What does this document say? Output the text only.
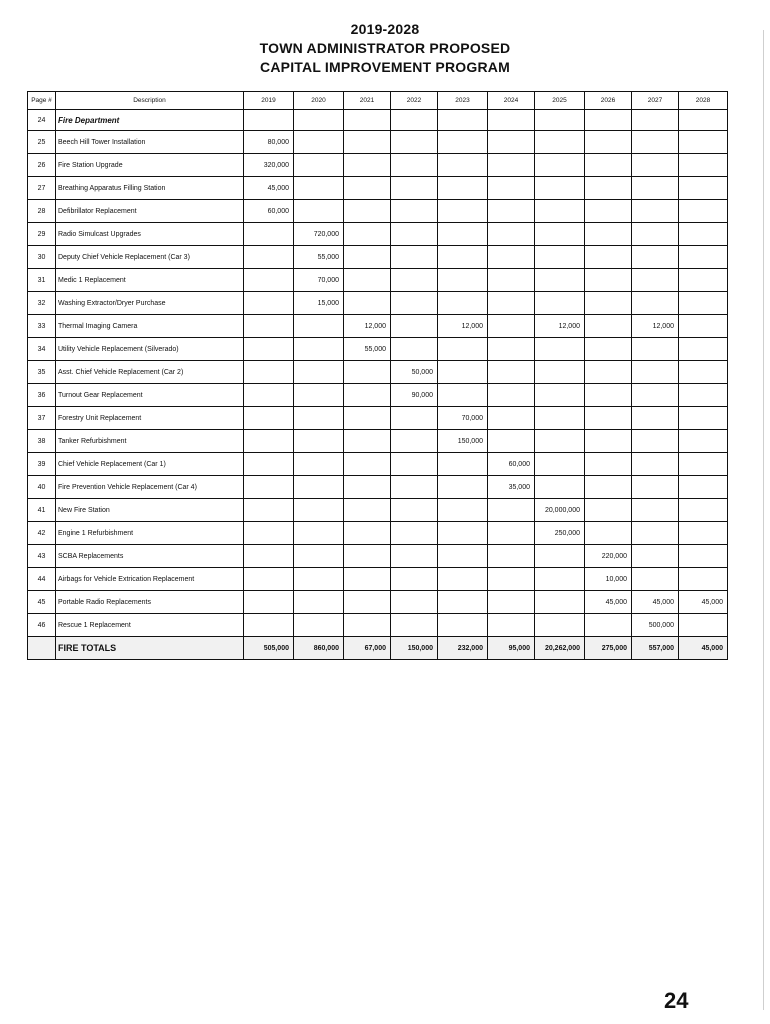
2019-2028
TOWN ADMINISTRATOR PROPOSED
CAPITAL IMPROVEMENT PROGRAM
Page #	Description	2019	2020	2021	2022	2023	2024	2025	2026	2027	2028
24	Fire Department										
25	Beech Hill Tower Installation	80,000									
26	Fire Station Upgrade	320,000									
27	Breathing Apparatus Filling Station	45,000									
28	Defibrillator Replacement	60,000									
29	Radio Simulcast Upgrades		720,000								
30	Deputy Chief Vehicle Replacement (Car 3)		55,000								
31	Medic 1 Replacement		70,000								
32	Washing Extractor/Dryer Purchase		15,000								
33	Thermal Imaging Camera			12,000		12,000		12,000		12,000	
34	Utility Vehicle Replacement (Silverado)			55,000							
35	Asst. Chief Vehicle Replacement (Car 2)				50,000						
36	Turnout Gear Replacement				90,000						
37	Forestry Unit Replacement					70,000					
38	Tanker Refurbishment					150,000					
39	Chief Vehicle Replacement (Car 1)						60,000				
40	Fire Prevention Vehicle Replacement (Car 4)						35,000				
41	New Fire Station							20,000,000			
42	Engine 1 Refurbishment							250,000			
43	SCBA Replacements								220,000		
44	Airbags for Vehicle Extrication Replacement								10,000		
45	Portable Radio Replacements								45,000	45,000	45,000
46	Rescue 1 Replacement									500,000	
	FIRE TOTALS	505,000	860,000	67,000	150,000	232,000	95,000	20,262,000	275,000	557,000	45,000
24
